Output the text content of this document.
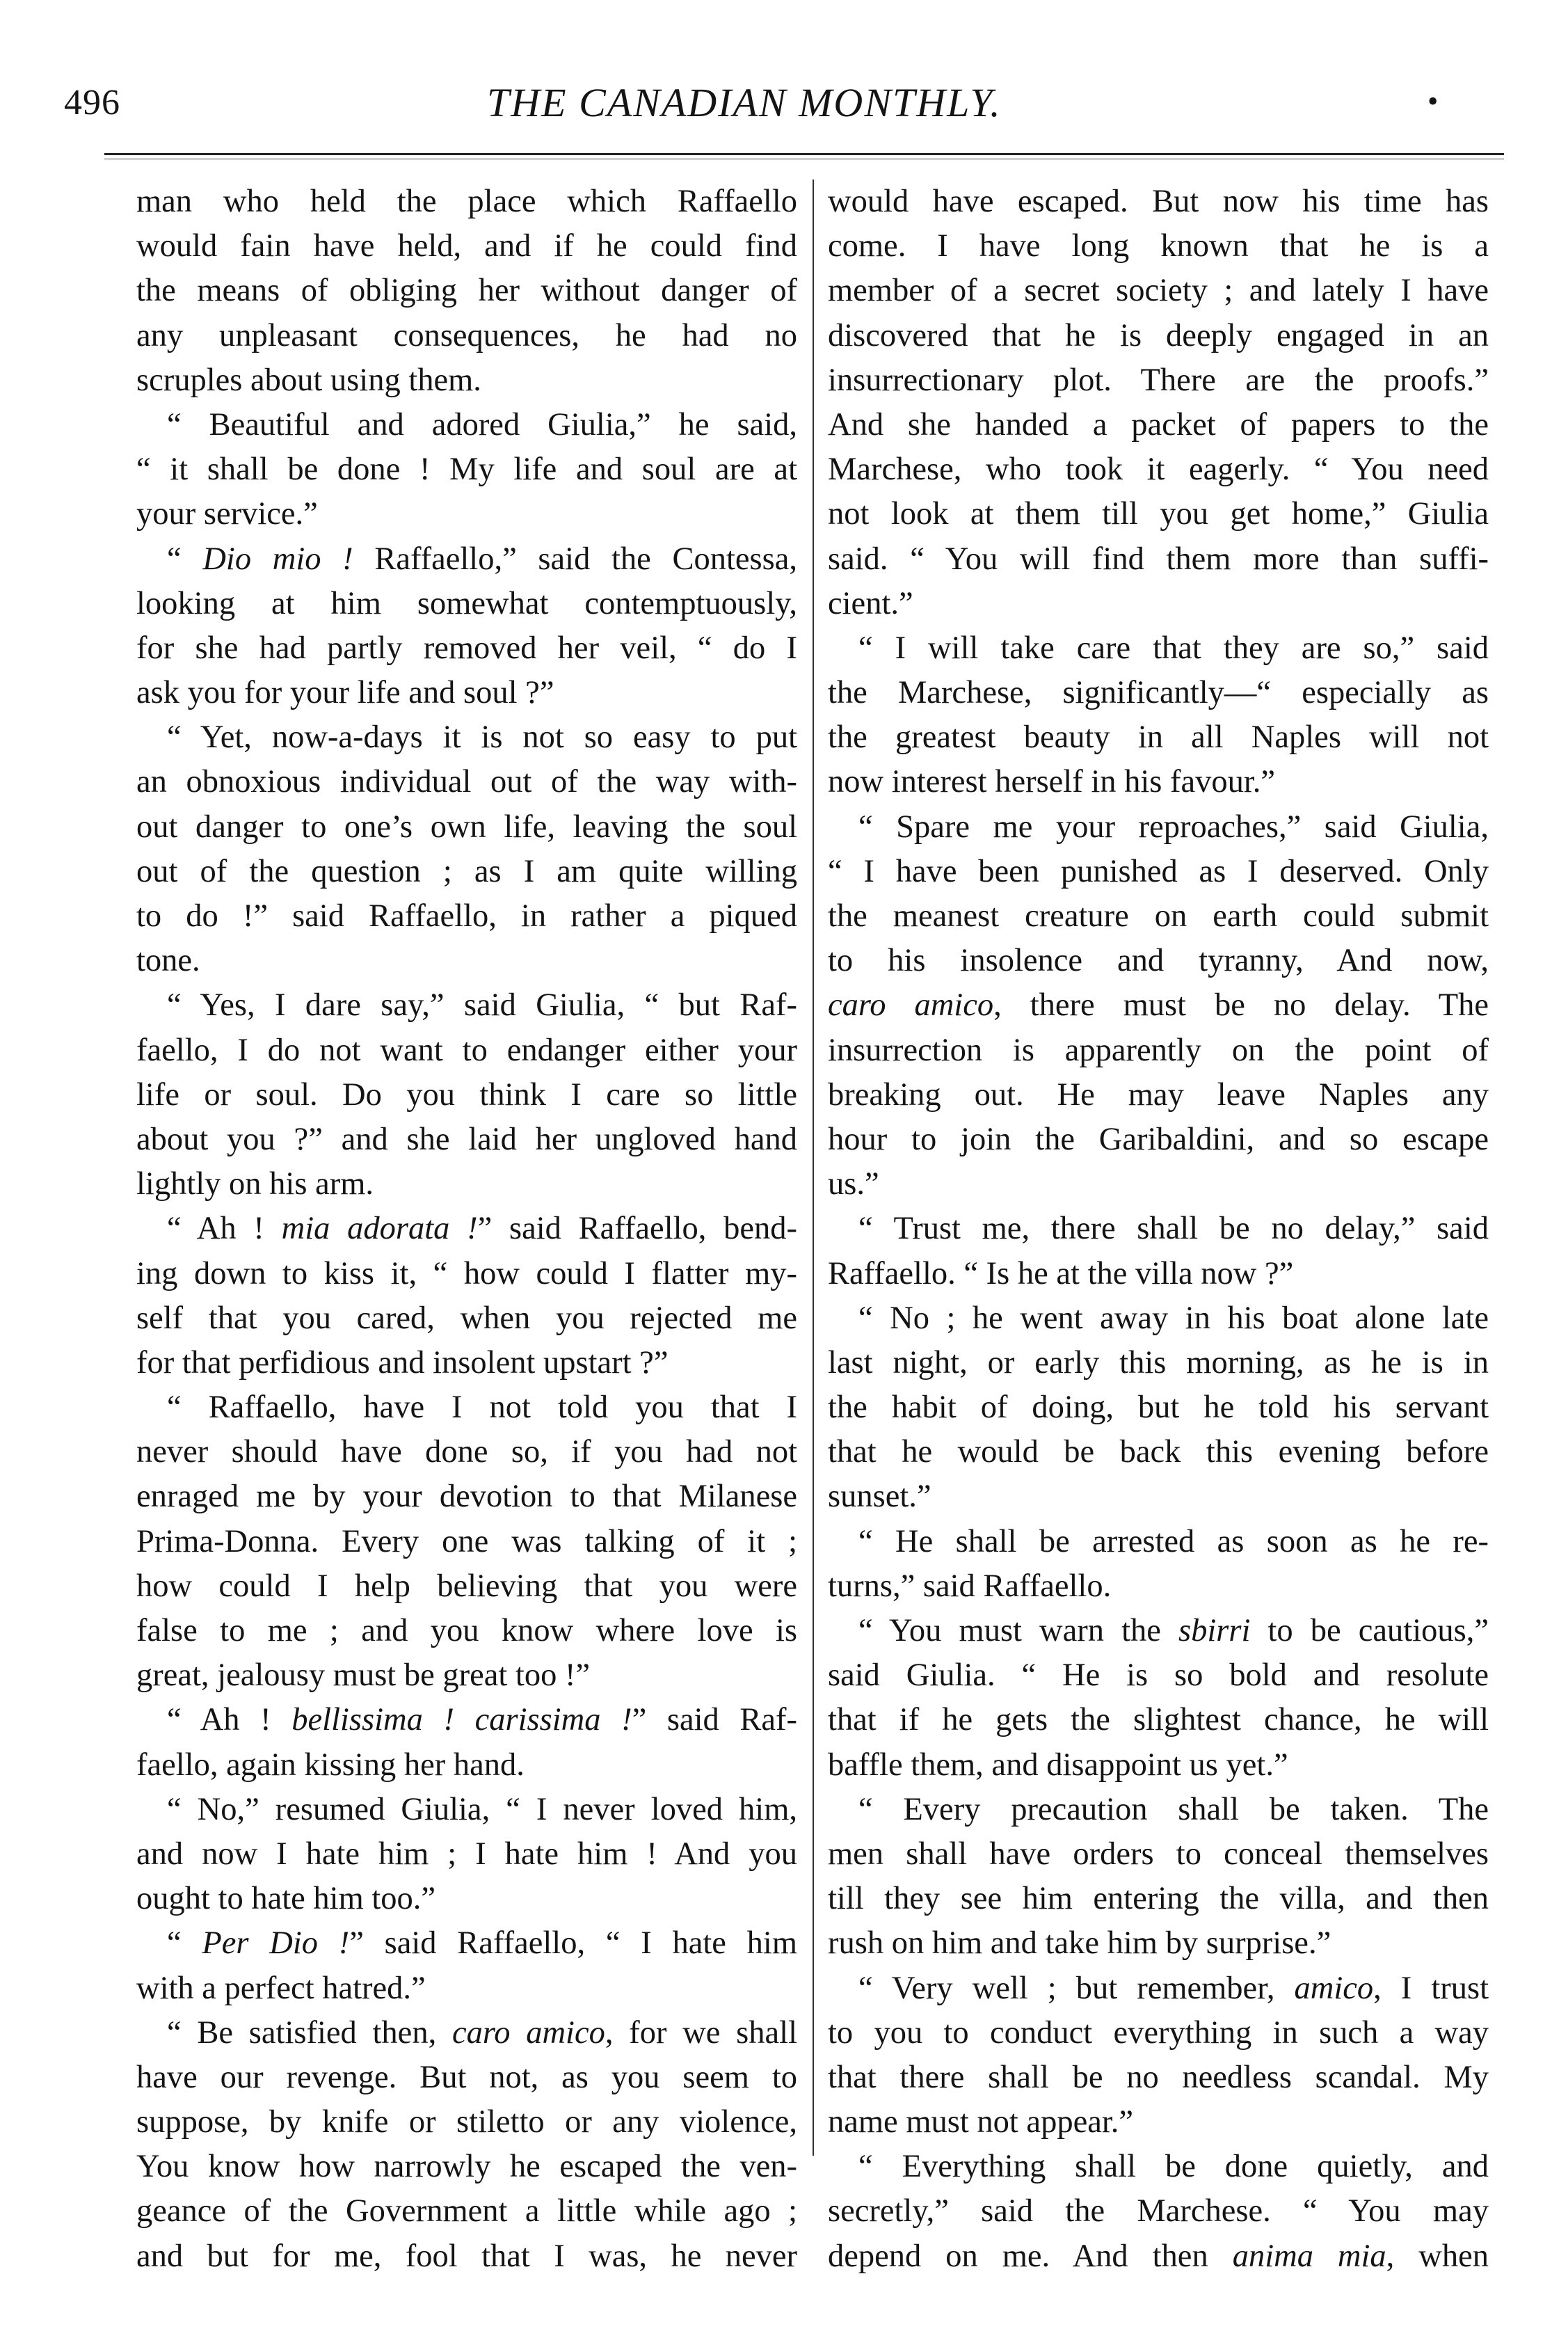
496	THE CANADIAN MONTHLY.	•
man who held the place which Raffaello
would fain have held, and if he could find
the means of obliging her without danger of
any unpleasant consequences, he had no
scruples about using them.
“ Beautiful and adored Giulia,” he said,
“ it shall be done ! My life and soul are at
your service.”
“ Dio mio ! Raffaello,” said the Contessa,
looking at him somewhat contemptuously,
for she had partly removed her veil, “ do I
ask you for your life and soul ?”
“ Yet, now-a-days it is not so easy to put
an obnoxious individual out of the way with-
out danger to one’s own life, leaving the soul
out of the question ; as I am quite willing
to do !” said Raffaello, in rather a piqued
tone.
“ Yes, I dare say,” said Giulia, “ but Raf-
faello, I do not want to endanger either your
life or soul. Do you think I care so little
about you ?” and she laid her ungloved hand
lightly on his arm.
“ Ah ! mia adorata !” said Raffaello, bend-
ing down to kiss it, “ how could I flatter my-
self that you cared, when you rejected me
for that perfidious and insolent upstart ?”
“ Raffaello, have I not told you that I
never should have done so, if you had not
enraged me by your devotion to that Milanese
Prima-Donna. Every one was talking of it ;
how could I help believing that you were
false to me ; and you know where love is
great, jealousy must be great too !”
“ Ah ! bellissima ! carissima !” said Raf-
faello, again kissing her hand.
“ No,” resumed Giulia, “ I never loved him,
and now I hate him ; I hate him ! And you
ought to hate him too.”
“ Per Dio !” said Raffaello, “ I hate him
with a perfect hatred.”
“ Be satisfied then, caro amico, for we shall
have our revenge. But not, as you seem to
suppose, by knife or stiletto or any violence,
You know how narrowly he escaped the ven-
geance of the Government a little while ago ;
and but for me, fool that I was, he never
would have escaped. But now his time has
come. I have long known that he is a
member of a secret society ; and lately I have
discovered that he is deeply engaged in an
insurrectionary plot. There are the proofs.”
And she handed a packet of papers to the
Marchese, who took it eagerly. “ You need
not look at them till you get home,” Giulia
said. “ You will find them more than suffi-
cient.”
“ I will take care that they are so,” said
the Marchese, significantly—“ especially as
the greatest beauty in all Naples will not
now interest herself in his favour.”
“ Spare me your reproaches,” said Giulia,
“ I have been punished as I deserved. Only
the meanest creature on earth could submit
to his insolence and tyranny, And now,
caro amico, there must be no delay. The
insurrection is apparently on the point of
breaking out. He may leave Naples any
hour to join the Garibaldini, and so escape
us.”
“ Trust me, there shall be no delay,” said
Raffaello. “ Is he at the villa now ?”
“ No ; he went away in his boat alone late
last night, or early this morning, as he is in
the habit of doing, but he told his servant
that he would be back this evening before
sunset.”
“ He shall be arrested as soon as he re-
turns,” said Raffaello.
“ You must warn the sbirri to be cautious,”
said Giulia. “ He is so bold and resolute
that if he gets the slightest chance, he will
baffle them, and disappoint us yet.”
“ Every precaution shall be taken. The
men shall have orders to conceal themselves
till they see him entering the villa, and then
rush on him and take him by surprise.”
“ Very well ; but remember, amico, I trust
to you to conduct everything in such a way
that there shall be no needless scandal. My
name must not appear.”
“ Everything shall be done quietly, and
secretly,” said the Marchese. “ You may
depend on me. And then anima mia, when
